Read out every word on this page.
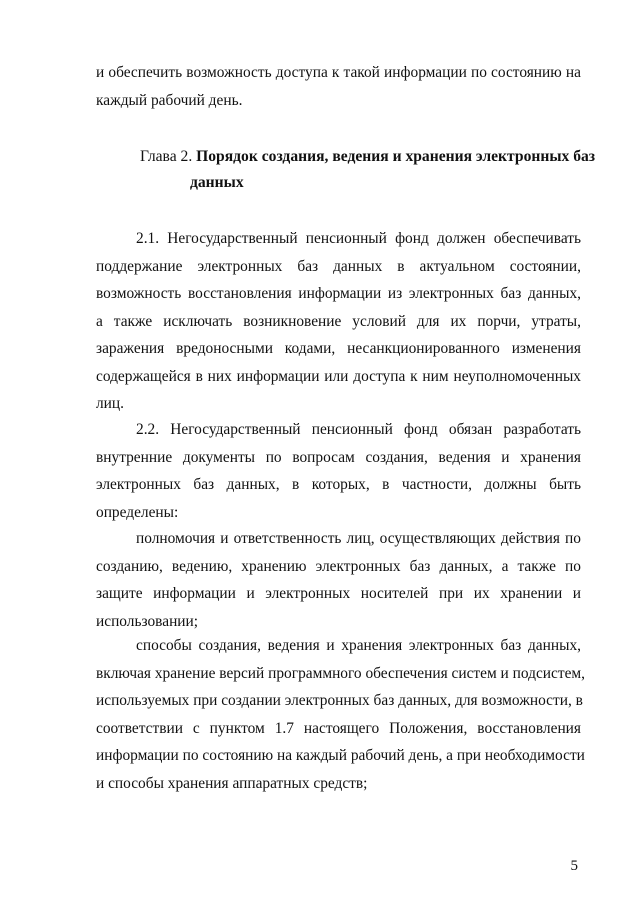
и обеспечить возможность доступа к такой информации по состоянию на
каждый рабочий день.
Глава 2. Порядок создания, ведения и хранения электронных баз
данных
2.1. Негосударственный пенсионный фонд должен обеспечивать
поддержание электронных баз данных в актуальном состоянии,
возможность восстановления информации из электронных баз данных,
а также исключать возникновение условий для их порчи, утраты,
заражения вредоносными кодами, несанкционированного изменения
содержащейся в них информации или доступа к ним неуполномоченных
лиц.
2.2. Негосударственный пенсионный фонд обязан разработать
внутренние документы по вопросам создания, ведения и хранения
электронных баз данных, в которых, в частности, должны быть
определены:
полномочия и ответственность лиц, осуществляющих действия по
созданию, ведению, хранению электронных баз данных, а также по
защите информации и электронных носителей при их хранении и
использовании;
способы создания, ведения и хранения электронных баз данных,
включая хранение версий программного обеспечения систем и подсистем,
используемых при создании электронных баз данных, для возможности, в
соответствии с пунктом 1.7 настоящего Положения, восстановления
информации по состоянию на каждый рабочий день, а при необходимости
и способы хранения аппаратных средств;
5
